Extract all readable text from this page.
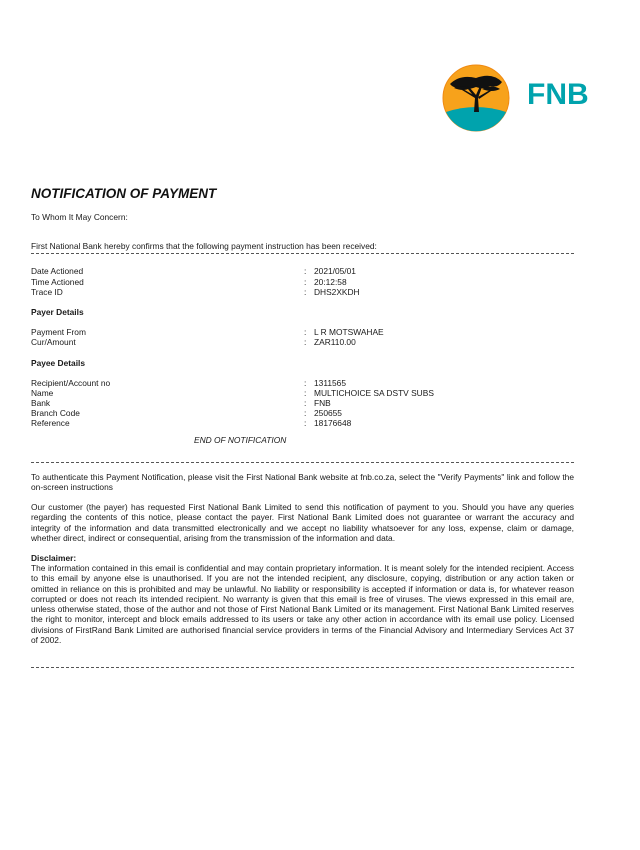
FNB
NOTIFICATION OF PAYMENT
To Whom It May Concern:
First National Bank hereby confirms that the following payment instruction has been received:
Date Actioned	: 2021/05/01
Time Actioned	: 20:12:58
Trace ID	: DHS2XKDH
Payer Details
Payment From	: L R MOTSWAHAE
Cur/Amount	: ZAR110.00
Payee Details
Recipient/Account no	: 1311565
Name	: MULTICHOICE SA DSTV SUBS
Bank	: FNB
Branch Code	: 250655
Reference	: 18176648
END OF NOTIFICATION
To authenticate this Payment Notification, please visit the First National Bank website at fnb.co.za, select the "Verify Payments" link and follow the on-screen instructions
Our customer (the payer) has requested First National Bank Limited to send this notification of payment to you. Should you have any queries regarding the contents of this notice, please contact the payer. First National Bank Limited does not guarantee or warrant the accuracy and integrity of the information and data transmitted electronically and we accept no liability whatsoever for any loss, expense, claim or damage, whether direct, indirect or consequential, arising from the transmission of the information and data.
Disclaimer:
The information contained in this email is confidential and may contain proprietary information. It is meant solely for the intended recipient. Access to this email by anyone else is unauthorised. If you are not the intended recipient, any disclosure, copying, distribution or any action taken or omitted in reliance on this is prohibited and may be unlawful. No liability or responsibility is accepted if information or data is, for whatever reason corrupted or does not reach its intended recipient. No warranty is given that this email is free of viruses. The views expressed in this email are, unless otherwise stated, those of the author and not those of First National Bank Limited or its management. First National Bank Limited reserves the right to monitor, intercept and block emails addressed to its users or take any other action in accordance with its email use policy. Licensed divisions of FirstRand Bank Limited are authorised financial service providers in terms of the Financial Advisory and Intermediary Services Act 37 of 2002.
